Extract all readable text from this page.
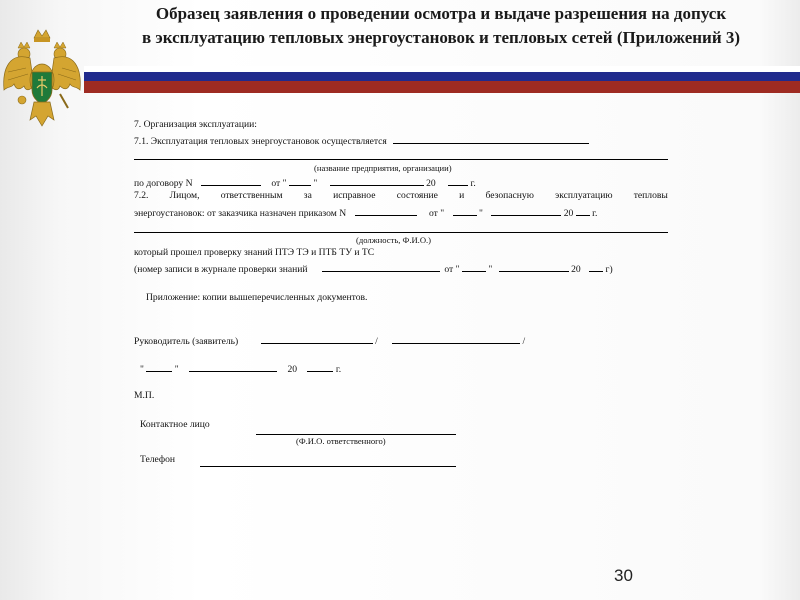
Образец заявления о проведении осмотра и выдаче разрешения на допуск
в эксплуатацию тепловых энергоустановок и тепловых сетей (Приложений 3)
7. Организация эксплуатации:
7.1. Эксплуатация тепловых энергоустановок осуществляется
(название предприятия, организации)
по договору N	от "	"	20	г.
7.2. Лицом, ответственным за исправное состояние и безопасную эксплуатацию тепловы
энергоустановок: от заказчика назначен приказом N	от "	"	20 г.
(должность, Ф.И.О.)
который прошел проверку знаний ПТЭ ТЭ и ПТБ ТУ и ТС
(номер записи в журнале проверки знаний	от "	"	20	г)
Приложение: копии вышеперечисленных документов.
Руководитель (заявитель)	/	/
"	"	20	г.
М.П.
Контактное лицо
(Ф.И.О. ответственного)
Телефон
30
